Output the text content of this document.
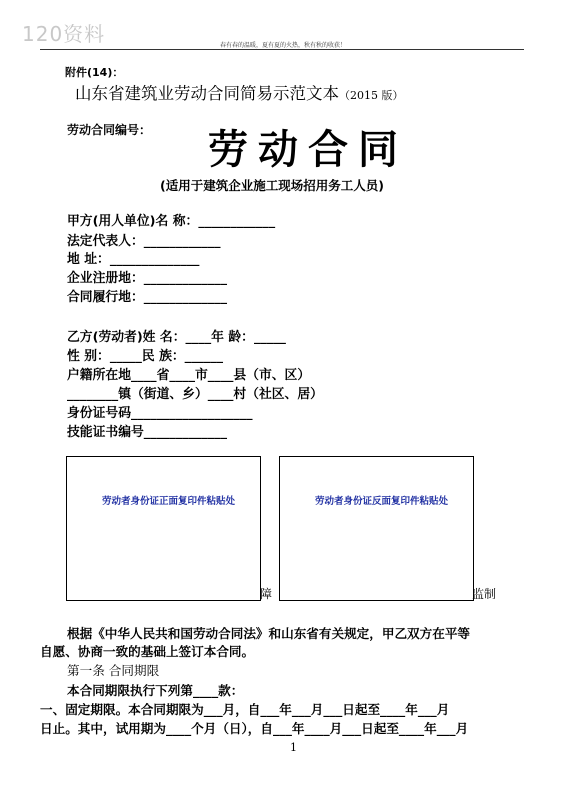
120资料	春有春的温暖，夏有夏的火热，秋有秋的收获！
附件(14)：
山东省建筑业劳动合同简易示范文本（2015 版）
劳动合同编号： 劳动合同
(适用于建筑企业施工现场招用务工人员)
甲方(用人单位)名 称：____________
法定代表人：____________
地 址：______________
企业注册地：_____________
合同履行地：_____________
乙方(劳动者)姓 名：____年 龄：_____
性 别：_____民 族：______
户籍所在地____省____市____县（市、区）
________镇（街道、乡）____村（社区、居）
身份证号码___________________
技能证书编号_____________
劳动者身份证正面复印件粘贴处	劳动者身份证反面复印件粘贴处
障	监制
根据《中华人民共和国劳动合同法》和山东省有关规定，甲乙双方在平等
自愿、协商一致的基础上签订本合同。
第一条 合同期限
本合同期限执行下列第____款：
一、固定期限。本合同期限为___月，自___年___月___日起至____年___月
日止。其中，试用期为____个月（日），自___年____月___日起至____年___月
1
